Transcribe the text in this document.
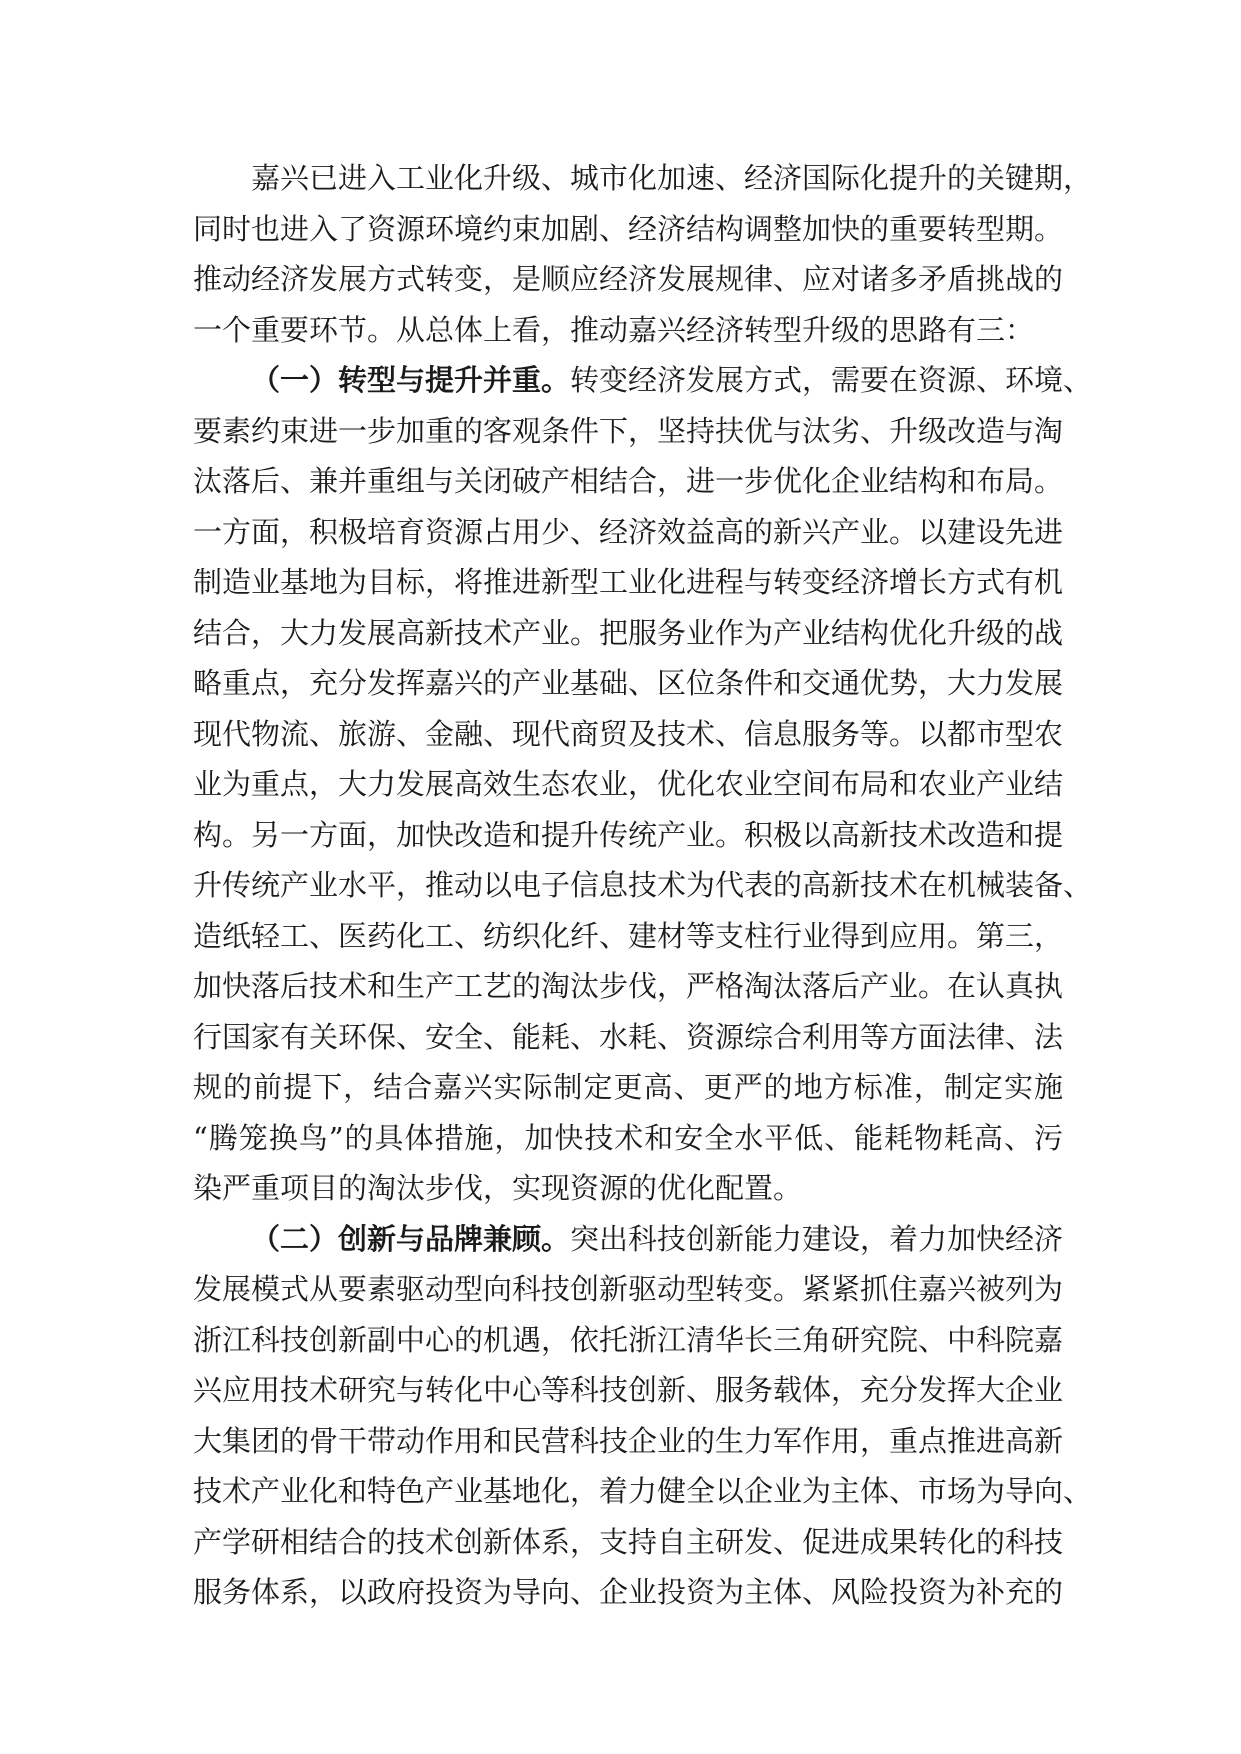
嘉兴已进入工业化升级、城市化加速、经济国际化提升的关键期，
同时也进入了资源环境约束加剧、经济结构调整加快的重要转型期。
推动经济发展方式转变，是顺应经济发展规律、应对诸多矛盾挑战的
一个重要环节。从总体上看，推动嘉兴经济转型升级的思路有三：
（一）转型与提升并重。转变经济发展方式，需要在资源、环境、
要素约束进一步加重的客观条件下，坚持扶优与汰劣、升级改造与淘
汰落后、兼并重组与关闭破产相结合，进一步优化企业结构和布局。
一方面，积极培育资源占用少、经济效益高的新兴产业。以建设先进
制造业基地为目标，将推进新型工业化进程与转变经济增长方式有机
结合，大力发展高新技术产业。把服务业作为产业结构优化升级的战
略重点，充分发挥嘉兴的产业基础、区位条件和交通优势，大力发展
现代物流、旅游、金融、现代商贸及技术、信息服务等。以都市型农
业为重点，大力发展高效生态农业，优化农业空间布局和农业产业结
构。另一方面，加快改造和提升传统产业。积极以高新技术改造和提
升传统产业水平，推动以电子信息技术为代表的高新技术在机械装备、
造纸轻工、医药化工、纺织化纤、建材等支柱行业得到应用。第三，
加快落后技术和生产工艺的淘汰步伐，严格淘汰落后产业。在认真执
行国家有关环保、安全、能耗、水耗、资源综合利用等方面法律、法
规的前提下，结合嘉兴实际制定更高、更严的地方标准，制定实施
“腾笼换鸟”的具体措施，加快技术和安全水平低、能耗物耗高、污
染严重项目的淘汰步伐，实现资源的优化配置。
（二）创新与品牌兼顾。突出科技创新能力建设，着力加快经济
发展模式从要素驱动型向科技创新驱动型转变。紧紧抓住嘉兴被列为
浙江科技创新副中心的机遇，依托浙江清华长三角研究院、中科院嘉
兴应用技术研究与转化中心等科技创新、服务载体，充分发挥大企业
大集团的骨干带动作用和民营科技企业的生力军作用，重点推进高新
技术产业化和特色产业基地化，着力健全以企业为主体、市场为导向、
产学研相结合的技术创新体系，支持自主研发、促进成果转化的科技
服务体系，以政府投资为导向、企业投资为主体、风险投资为补充的
